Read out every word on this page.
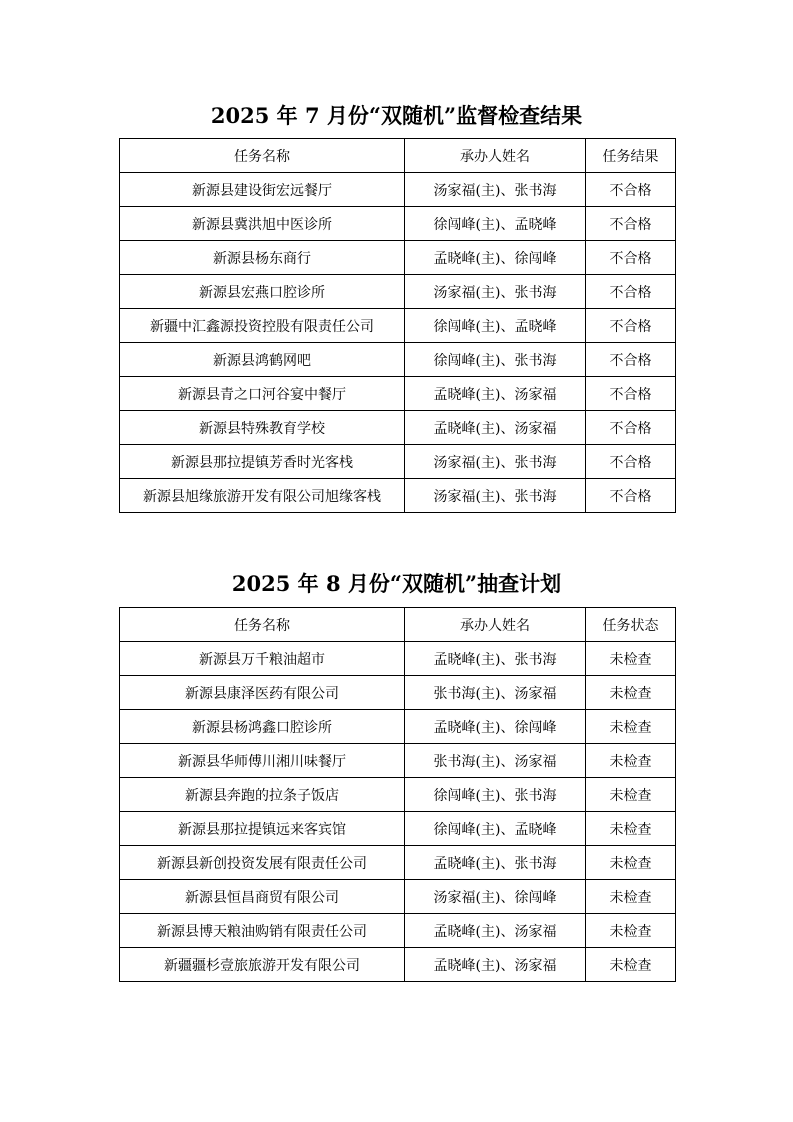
2025 年 7 月份“双随机”监督检查结果
任务名称	承办人姓名	任务结果
新源县建设街宏远餐厅	汤家福(主)、张书海	不合格
新源县冀洪旭中医诊所	徐闯峰(主)、孟晓峰	不合格
新源县杨东商行	孟晓峰(主)、徐闯峰	不合格
新源县宏燕口腔诊所	汤家福(主)、张书海	不合格
新疆中汇鑫源投资控股有限责任公司	徐闯峰(主)、孟晓峰	不合格
新源县鸿鹤网吧	徐闯峰(主)、张书海	不合格
新源县青之口河谷宴中餐厅	孟晓峰(主)、汤家福	不合格
新源县特殊教育学校	孟晓峰(主)、汤家福	不合格
新源县那拉提镇芳香时光客栈	汤家福(主)、张书海	不合格
新源县旭缘旅游开发有限公司旭缘客栈	汤家福(主)、张书海	不合格
2025 年 8 月份“双随机”抽查计划
任务名称	承办人姓名	任务状态
新源县万千粮油超市	孟晓峰(主)、张书海	未检查
新源县康泽医药有限公司	张书海(主)、汤家福	未检查
新源县杨鸿鑫口腔诊所	孟晓峰(主)、徐闯峰	未检查
新源县华师傅川湘川味餐厅	张书海(主)、汤家福	未检查
新源县奔跑的拉条子饭店	徐闯峰(主)、张书海	未检查
新源县那拉提镇远来客宾馆	徐闯峰(主)、孟晓峰	未检查
新源县新创投资发展有限责任公司	孟晓峰(主)、张书海	未检查
新源县恒昌商贸有限公司	汤家福(主)、徐闯峰	未检查
新源县博天粮油购销有限责任公司	孟晓峰(主)、汤家福	未检查
新疆疆杉壹旅旅游开发有限公司	孟晓峰(主)、汤家福	未检查
